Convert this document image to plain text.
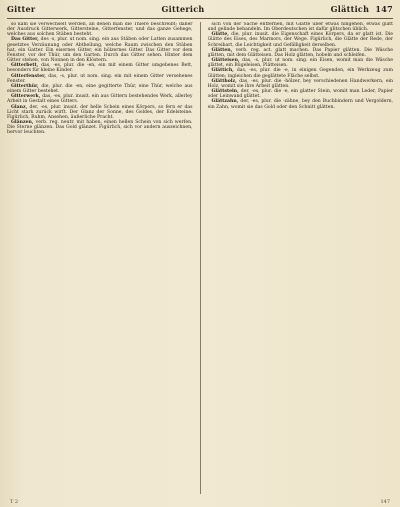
Gitter	Gitterich	Glättich 147

so kam sie verwechselt werden, an denen man die Thiere beschreibt; daher der Ausdruck Gitterwerk, Gittersteine, Gitterfenster, und das ganze Gehege, welches aus solchen Stäben besteht.

Das Gitter, des -s, plur. ut nom. sing. ein aus Stäben oder Latten zusammen gesetztes Verzäunung oder Abtheilung, welche Raum zwischen den Stäben hat, ein Gatter. Ein eisernes Gitter, ein hölzernes Gitter. Das Gitter vor dem Fenster, vor der Thür, um den Garten. Durch das Gitter sehen. Hinter dem Gitter stehen, von Nonnen in den Klöstern.

Gitterbett, das, -es, plur. die -en, ein mit einem Gitter umgebenes Bett, besonders für kleine Kinder.

Gitterfenster, das, -s, plur. ut nom. sing. ein mit einem Gitter versehenes Fenster.

Gitterthür, die, plur. die -en, eine gegitterte Thür, eine Thür, welche aus einem Gitter bestehet.

Gitterwerk, das, -es, plur. inusit. ein aus Gittern bestehendes Werk, allerley Arbeit in Gestalt eines Gitters.

Glanz, der, -es, plur. inusit. der helle Schein eines Körpers, so fern er das Licht stark zurück wirft. Der Glanz der Sonne, des Goldes, der Edelsteine. Figürlich, Ruhm, Ansehen, äußerliche Pracht.

Glänzen, verb. reg. neutr. mit haben, einen hellen Schein von sich werfen. Die Sterne glänzen. Das Gold glänzet. Figürlich, sich vor andern auszeichnen, hervor leuchten.

sich von der Sache entfernen, mit Glätte über etwas hingehen, etwas glatt und gelinde behandeln. Im Oberdeutschen ist dafür glitschen üblich.

Glätte, die, plur. inusit. die Eigenschaft eines Körpers, da er glatt ist. Die Glätte des Eises, des Marmors, der Wege. Figürlich, die Glätte der Rede, der Schreibart, die Leichtigkeit und Gefälligkeit derselben.

Glätten, verb. reg. act. glatt machen. Das Papier glätten. Die Wäsche glätten, mit dem Glätteisen. Das Holz glätten, hobeln und schleifen.

Glätteisen, das, -s, plur. ut nom. sing. ein Eisen, womit man die Wäsche glättet, ein Bügeleisen, Plätteisen.

Glättich, das, -es, plur. die -e, in einigen Gegenden, ein Werkzeug zum Glätten; ingleichen die geglättete Fläche selbst.

Glättholz, das, -es, plur. die -hölzer, bey verschiedenen Handwerkern, ein Holz, womit sie ihre Arbeit glätten.

Glättstein, der, -es, plur. die -e, ein glatter Stein, womit man Leder, Papier oder Leinwand glättet.

Glättzahn, der, -es, plur. die -zähne, bey den Buchbindern und Vergoldern, ein Zahn, womit sie das Gold oder den Schnitt glätten.

T 2	147
